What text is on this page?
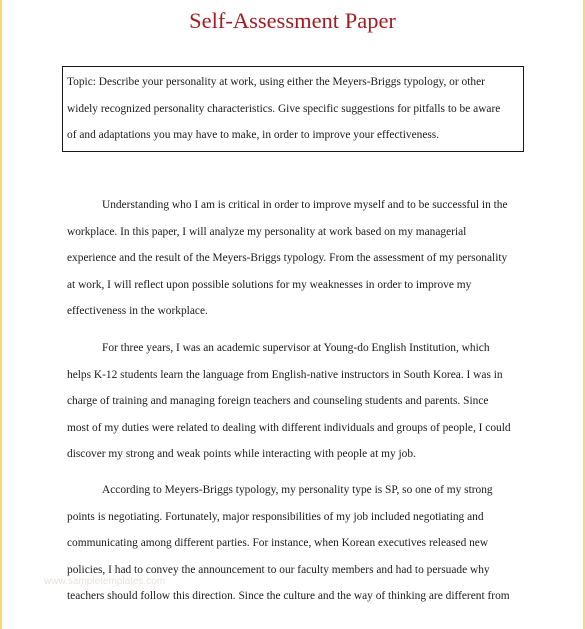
Self-Assessment Paper
Topic: Describe your personality at work, using either the Meyers-Briggs typology, or other
widely recognized personality characteristics. Give specific suggestions for pitfalls to be aware
of and adaptations you may have to make, in order to improve your effectiveness.
Understanding who I am is critical in order to improve myself and to be successful in the
workplace. In this paper, I will analyze my personality at work based on my managerial
experience and the result of the Meyers-Briggs typology. From the assessment of my personality
at work, I will reflect upon possible solutions for my weaknesses in order to improve my
effectiveness in the workplace.
For three years, I was an academic supervisor at Young-do English Institution, which
helps K-12 students learn the language from English-native instructors in South Korea. I was in
charge of training and managing foreign teachers and counseling students and parents. Since
most of my duties were related to dealing with different individuals and groups of people, I could
discover my strong and weak points while interacting with people at my job.
According to Meyers-Briggs typology, my personality type is SP, so one of my strong
points is negotiating. Fortunately, major responsibilities of my job included negotiating and
communicating among different parties. For instance, when Korean executives released new
policies, I had to convey the announcement to our faculty members and had to persuade why
teachers should follow this direction. Since the culture and the way of thinking are different from
www.sampletemplates.com
